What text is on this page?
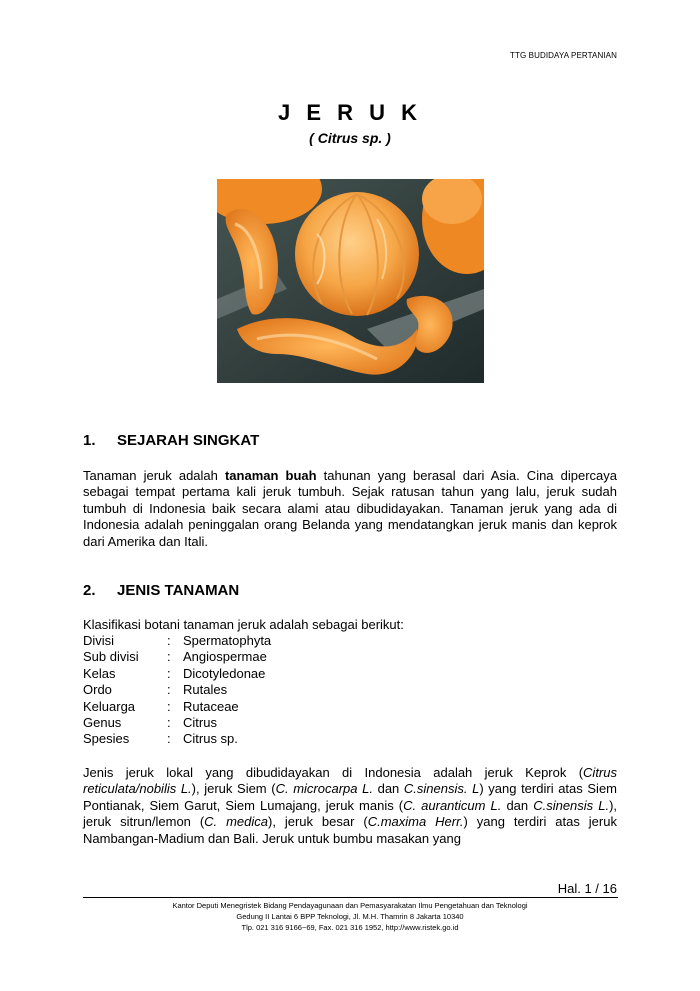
TTG BUDIDAYA PERTANIAN
J E R U K
( Citrus sp. )
1. SEJARAH SINGKAT

Tanaman jeruk adalah tanaman buah tahunan yang berasal dari Asia. Cina dipercaya sebagai tempat pertama kali jeruk tumbuh. Sejak ratusan tahun yang lalu, jeruk sudah tumbuh di Indonesia baik secara alami atau dibudidayakan. Tanaman jeruk yang ada di Indonesia adalah peninggalan orang Belanda yang mendatangkan jeruk manis dan keprok dari Amerika dan Itali.

2. JENIS TANAMAN

Klasifikasi botani tanaman jeruk adalah sebagai berikut:

Divisi	:	Spermatophyta
Sub divisi	:	Angiospermae
Kelas	:	Dicotyledonae
Ordo	:	Rutales
Keluarga	:	Rutaceae
Genus	:	Citrus
Spesies	:	Citrus sp.

Jenis jeruk lokal yang dibudidayakan di Indonesia adalah jeruk Keprok (Citrus reticulata/nobilis L.), jeruk Siem (C. microcarpa L. dan C.sinensis. L) yang terdiri atas Siem Pontianak, Siem Garut, Siem Lumajang, jeruk manis (C. auranticum L. dan C.sinensis L.), jeruk sitrun/lemon (C. medica), jeruk besar (C.maxima Herr.) yang terdiri atas jeruk Nambangan-Madium dan Bali. Jeruk untuk bumbu masakan yang

Hal. 1 / 16
Kantor Deputi Menegristek Bidang Pendayagunaan dan Pemasyarakatan Ilmu Pengetahuan dan Teknologi
Gedung II Lantai 6 BPP Teknologi, Jl. M.H. Thamrin 8 Jakarta 10340
Tlp. 021 316 9166~69, Fax. 021 316 1952, http://www.ristek.go.id
